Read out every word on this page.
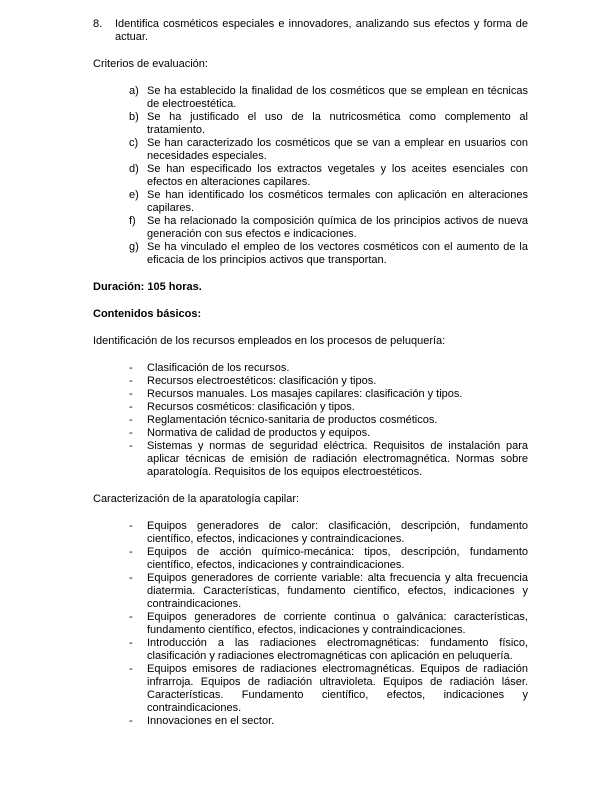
8.	Identifica cosméticos especiales e innovadores, analizando sus efectos y forma de actuar.

Criterios de evaluación:

a) Se ha establecido la finalidad de los cosméticos que se emplean en técnicas de electroestética.
b) Se ha justificado el uso de la nutricosmética como complemento al tratamiento.
c) Se han caracterizado los cosméticos que se van a emplear en usuarios con necesidades especiales.
d) Se han especificado los extractos vegetales y los aceites esenciales con efectos en alteraciones capilares.
e) Se han identificado los cosméticos termales con aplicación en alteraciones capilares.
f) Se ha relacionado la composición química de los principios activos de nueva generación con sus efectos e indicaciones.
g) Se ha vinculado el empleo de los vectores cosméticos con el aumento de la eficacia de los principios activos que transportan.

Duración: 105 horas.

Contenidos básicos:

Identificación de los recursos empleados en los procesos de peluquería:

- Clasificación de los recursos.
- Recursos electroestéticos: clasificación y tipos.
- Recursos manuales. Los masajes capilares: clasificación y tipos.
- Recursos cosméticos: clasificación y tipos.
- Reglamentación técnico-sanitaria de productos cosméticos.
- Normativa de calidad de productos y equipos.
- Sistemas y normas de seguridad eléctrica. Requisitos de instalación para aplicar técnicas de emisión de radiación electromagnética. Normas sobre aparatología. Requisitos de los equipos electroestéticos.

Caracterización de la aparatología capilar:

- Equipos generadores de calor: clasificación, descripción, fundamento científico, efectos, indicaciones y contraindicaciones.
- Equipos de acción químico-mecánica: tipos, descripción, fundamento científico, efectos, indicaciones y contraindicaciones.
- Equipos generadores de corriente variable: alta frecuencia y alta frecuencia diatermia. Características, fundamento científico, efectos, indicaciones y contraindicaciones.
- Equipos generadores de corriente continua o galvánica: características, fundamento científico, efectos, indicaciones y contraindicaciones.
- Introducción a las radiaciones electromagnéticas: fundamento físico, clasificación y radiaciones electromagnéticas con aplicación en peluquería.
- Equipos emisores de radiaciones electromagnéticas. Equipos de radiación infrarroja. Equipos de radiación ultravioleta. Equipos de radiación láser. Características. Fundamento científico, efectos, indicaciones y contraindicaciones.
- Innovaciones en el sector.
